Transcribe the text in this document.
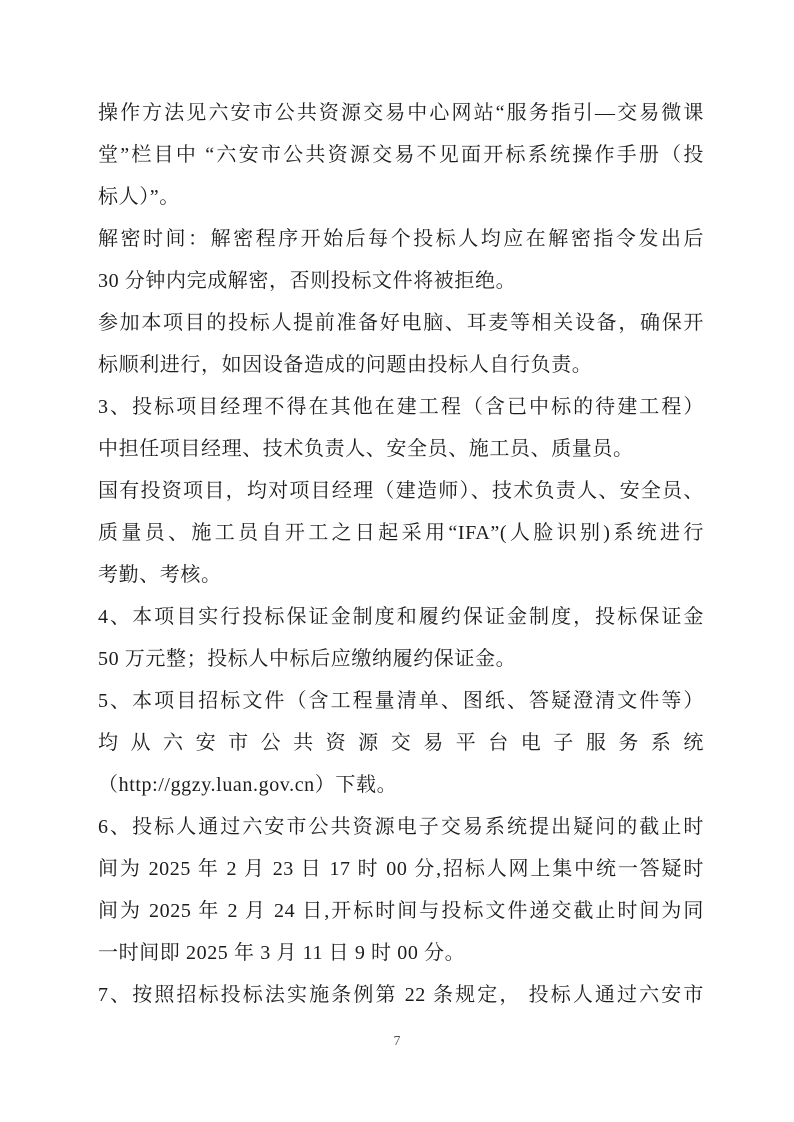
操作方法见六安市公共资源交易中心网站“服务指引—交易微课
堂”栏目中 “六安市公共资源交易不见面开标系统操作手册（投
标人）”。
解密时间：解密程序开始后每个投标人均应在解密指令发出后
30 分钟内完成解密，否则投标文件将被拒绝。
参加本项目的投标人提前准备好电脑、耳麦等相关设备，确保开
标顺利进行，如因设备造成的问题由投标人自行负责。
3、投标项目经理不得在其他在建工程（含已中标的待建工程）
中担任项目经理、技术负责人、安全员、施工员、质量员。
国有投资项目，均对项目经理（建造师）、技术负责人、安全员、
质量员、施工员自开工之日起采用“IFA”(人脸识别)系统进行
考勤、考核。
4、本项目实行投标保证金制度和履约保证金制度，投标保证金
50 万元整；投标人中标后应缴纳履约保证金。
5、本项目招标文件（含工程量清单、图纸、答疑澄清文件等）
均从六安市公共资源交易平台电子服务系统
（http://ggzy.luan.gov.cn）下载。
6、投标人通过六安市公共资源电子交易系统提出疑问的截止时
间为 2025 年 2 月 23 日 17 时 00 分,招标人网上集中统一答疑时
间为 2025 年 2 月 24 日,开标时间与投标文件递交截止时间为同
一时间即 2025 年 3 月 11 日 9 时 00 分。
7、按照招标投标法实施条例第 22 条规定， 投标人通过六安市
7
